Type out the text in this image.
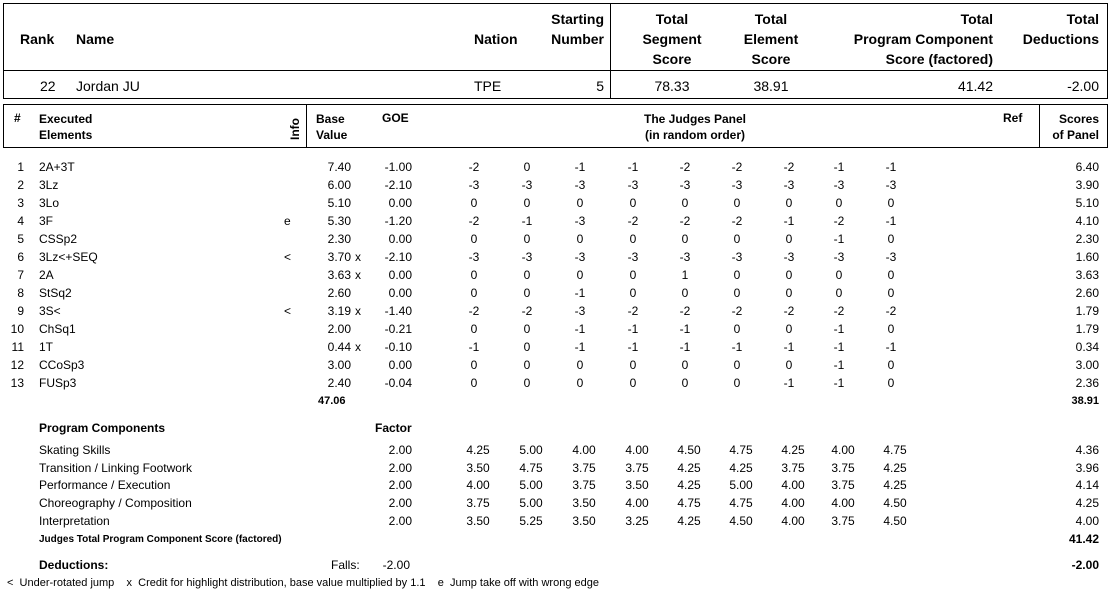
Rank Name	Nation
Starting
Number
Total
Segment
Score
Total
Element
Score
Total
Program Component
Score (factored)
Total
Deductions
22 Jordan JU	TPE	5	78.33	38.91	41.42	-2.00
# Executed
Elements	Info Base
Value
GOE	The Judges Panel
(in random order)
Ref	Scores
of Panel
1 2A+3T	7.40	-1.00	-2	0	-1	-1	-2	-2	-2	-1	-1	6.40
2 3Lz	6.00	-2.10	-3	-3	-3	-3	-3	-3	-3	-3	-3	3.90
3 3Lo	5.10	0.00	0	0	0	0	0	0	0	0	0	5.10
4 3F	e	5.30	-1.20	-2	-1	-3	-2	-2	-2	-1	-2	-1	4.10
5 CSSp2	2.30	0.00	0	0	0	0	0	0	0	-1	0	2.30
6 3Lz<+SEQ	<	3.70 x	-2.10	-3	-3	-3	-3	-3	-3	-3	-3	-3	1.60
7 2A	3.63 x	0.00	0	0	0	0	1	0	0	0	0	3.63
8 StSq2	2.60	0.00	0	0	-1	0	0	0	0	0	0	2.60
9 3S<	<	3.19 x	-1.40	-2	-2	-3	-2	-2	-2	-2	-2	-2	1.79
10 ChSq1	2.00	-0.21	0	0	-1	-1	-1	0	0	-1	0	1.79
11 1T	0.44 x	-0.10	-1	0	-1	-1	-1	-1	-1	-1	-1	0.34
12 CCoSp3	3.00	0.00	0	0	0	0	0	0	0	-1	0	3.00
13 FUSp3	2.40	-0.04	0	0	0	0	0	0	-1	-1	0	2.36
47.06	38.91
Program Components	Factor
Skating Skills	2.00	4.25 5.00 4.00 4.00 4.50 4.75 4.25 4.00 4.75	4.36
Transition / Linking Footwork	2.00	3.50 4.75 3.75 3.75 4.25 4.25 3.75 3.75 4.25	3.96
Performance / Execution	2.00	4.00 5.00 3.75 3.50 4.25 5.00 4.00 3.75 4.25	4.14
Choreography / Composition	2.00	3.75 5.00 3.50 4.00 4.75 4.75 4.00 4.00 4.50	4.25
Interpretation	2.00	3.50 5.25 3.50 3.25 4.25 4.50 4.00 3.75 4.50	4.00
Judges Total Program Component Score (factored)	41.42
Deductions:	Falls:	-2.00	-2.00
<  Under-rotated jump    x  Credit for highlight distribution, base value multiplied by 1.1    e  Jump take off with wrong edge
